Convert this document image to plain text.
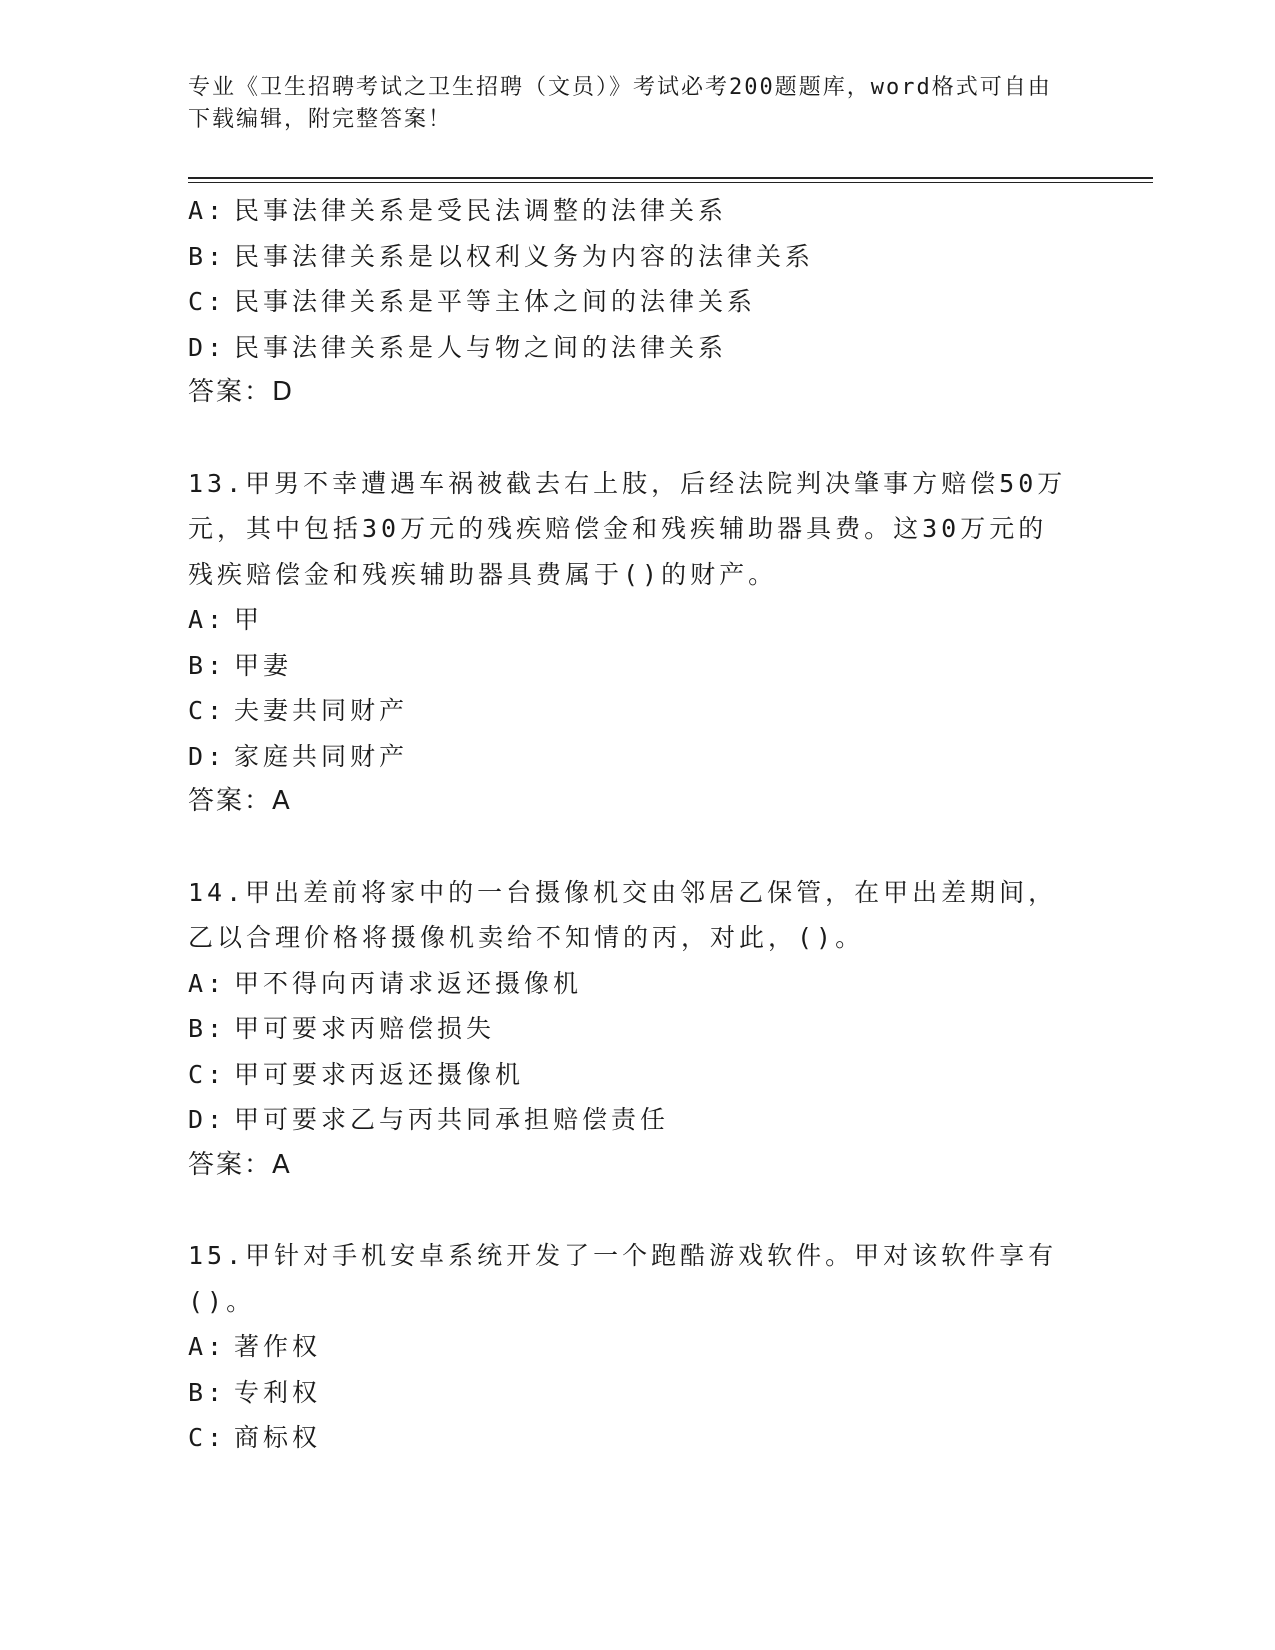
专业《卫生招聘考试之卫生招聘（文员）》考试必考200题题库，word格式可自由下载编辑，附完整答案！
A: 民事法律关系是受民法调整的法律关系
B: 民事法律关系是以权利义务为内容的法律关系
C: 民事法律关系是平等主体之间的法律关系
D: 民事法律关系是人与物之间的法律关系
答案：D
13.甲男不幸遭遇车祸被截去右上肢，后经法院判决肇事方赔偿50万元，其中包括30万元的残疾赔偿金和残疾辅助器具费。这30万元的残疾赔偿金和残疾辅助器具费属于()的财产。
A: 甲
B: 甲妻
C: 夫妻共同财产
D: 家庭共同财产
答案：A
14.甲出差前将家中的一台摄像机交由邻居乙保管，在甲出差期间，乙以合理价格将摄像机卖给不知情的丙，对此，()。
A: 甲不得向丙请求返还摄像机
B: 甲可要求丙赔偿损失
C: 甲可要求丙返还摄像机
D: 甲可要求乙与丙共同承担赔偿责任
答案：A
15.甲针对手机安卓系统开发了一个跑酷游戏软件。甲对该软件享有()。
A: 著作权
B: 专利权
C: 商标权
